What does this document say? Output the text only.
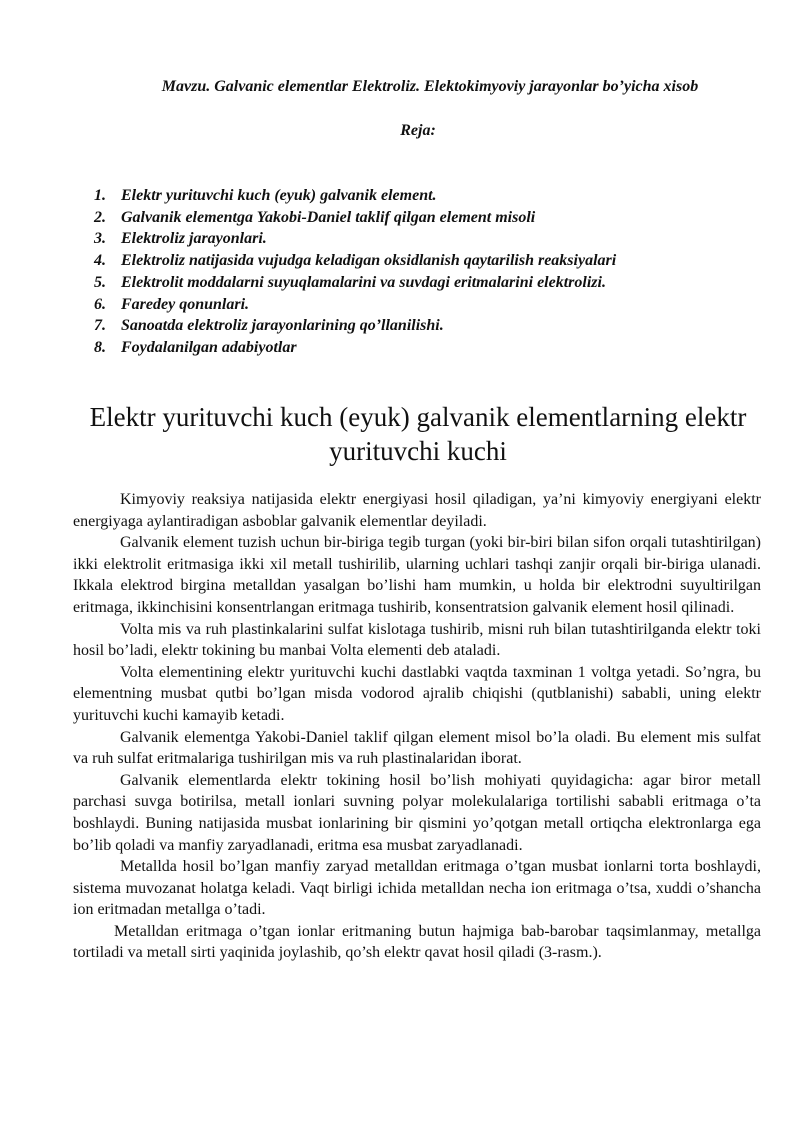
Mavzu. Galvanic elementlar Elektroliz. Elektokimyoviy jarayonlar bo’yicha xisob

Reja:

1. Elektr yurituvchi kuch (eyuk) galvanik element.
2. Galvanik elementga Yakobi-Daniel taklif qilgan element misoli
3. Elektroliz jarayonlari.
4. Elektroliz natijasida vujudga keladigan oksidlanish qaytarilish reaksiyalari
5. Elektrolit moddalarni suyuqlamalarini va suvdagi eritmalarini elektrolizi.
6. Faredey qonunlari.
7. Sanoatda elektroliz jarayonlarining qo’llanilishi.
8. Foydalanilgan adabiyotlar
Elektr yurituvchi kuch (eyuk) galvanik elementlarning elektr yurituvchi kuchi

Kimyoviy reaksiya natijasida elektr energiyasi hosil qiladigan, ya’ni kimyoviy energiyani elektr energiyaga aylantiradigan asboblar galvanik elementlar deyiladi.

Galvanik element tuzish uchun bir-biriga tegib turgan (yoki bir-biri bilan sifon orqali tutashtirilgan) ikki elektrolit eritmasiga ikki xil metall tushirilib, ularning uchlari tashqi zanjir orqali bir-biriga ulanadi. Ikkala elektrod birgina metalldan yasalgan bo’lishi ham mumkin, u holda bir elektrodni suyultirilgan eritmaga, ikkinchisini konsentrlangan eritmaga tushirib, konsentratsion galvanik element hosil qilinadi.

Volta mis va ruh plastinkalarini sulfat kislotaga tushirib, misni ruh bilan tutashtirilganda elektr toki hosil bo’ladi, elektr tokining bu manbai Volta elementi deb ataladi.

Volta elementining elektr yurituvchi kuchi dastlabki vaqtda taxminan 1 voltga yetadi. So’ngra, bu elementning musbat qutbi bo’lgan misda vodorod ajralib chiqishi (qutblanishi) sababli, uning elektr yurituvchi kuchi kamayib ketadi.

Galvanik elementga Yakobi-Daniel taklif qilgan element misol bo’la oladi. Bu element mis sulfat va ruh sulfat eritmalariga tushirilgan mis va ruh plastinalaridan iborat.

Galvanik elementlarda elektr tokining hosil bo’lish mohiyati quyidagicha: agar biror metall parchasi suvga botirilsa, metall ionlari suvning polyar molekulalariga tortilishi sababli eritmaga o’ta boshlaydi. Buning natijasida musbat ionlarining bir qismini yo’qotgan metall ortiqcha elektronlarga ega bo’lib qoladi va manfiy zaryadlanadi, eritma esa musbat zaryadlanadi.

Metallda hosil bo’lgan manfiy zaryad metalldan eritmaga o’tgan musbat ionlarni torta boshlaydi, sistema muvozanat holatga keladi. Vaqt birligi ichida metalldan necha ion eritmaga o’tsa, xuddi o’shancha ion eritmadan metallga o’tadi.

Metalldan eritmaga o’tgan ionlar eritmaning butun hajmiga bab-barobar taqsimlanmay, metallga tortiladi va metall sirti yaqinida joylashib, qo’sh elektr qavat hosil qiladi (3-rasm.).
